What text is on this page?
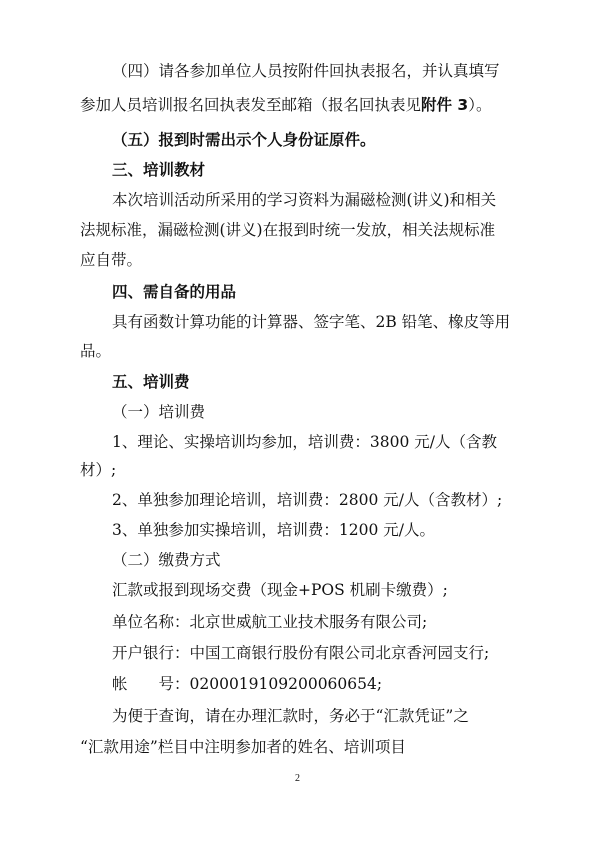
（四）请各参加单位人员按附件回执表报名，并认真填写
参加人员培训报名回执表发至邮箱（报名回执表见附件 3）。
（五）报到时需出示个人身份证原件。
三、培训教材
本次培训活动所采用的学习资料为漏磁检测(讲义)和相关
法规标准，漏磁检测(讲义)在报到时统一发放，相关法规标准
应自带。
四、需自备的用品
具有函数计算功能的计算器、签字笔、2B 铅笔、橡皮等用
品。
五、培训费
（一）培训费
1、理论、实操培训均参加，培训费：3800 元/人（含教
材）;
2、单独参加理论培训，培训费：2800 元/人（含教材）;
3、单独参加实操培训，培训费：1200 元/人。
（二）缴费方式
汇款或报到现场交费（现金+POS 机刷卡缴费）;
单位名称：北京世威航工业技术服务有限公司;
开户银行：中国工商银行股份有限公司北京香河园支行;
帐　　号：0200019109200060654;
为便于查询，请在办理汇款时，务必于“汇款凭证”之
“汇款用途”栏目中注明参加者的姓名、培训项目
2
